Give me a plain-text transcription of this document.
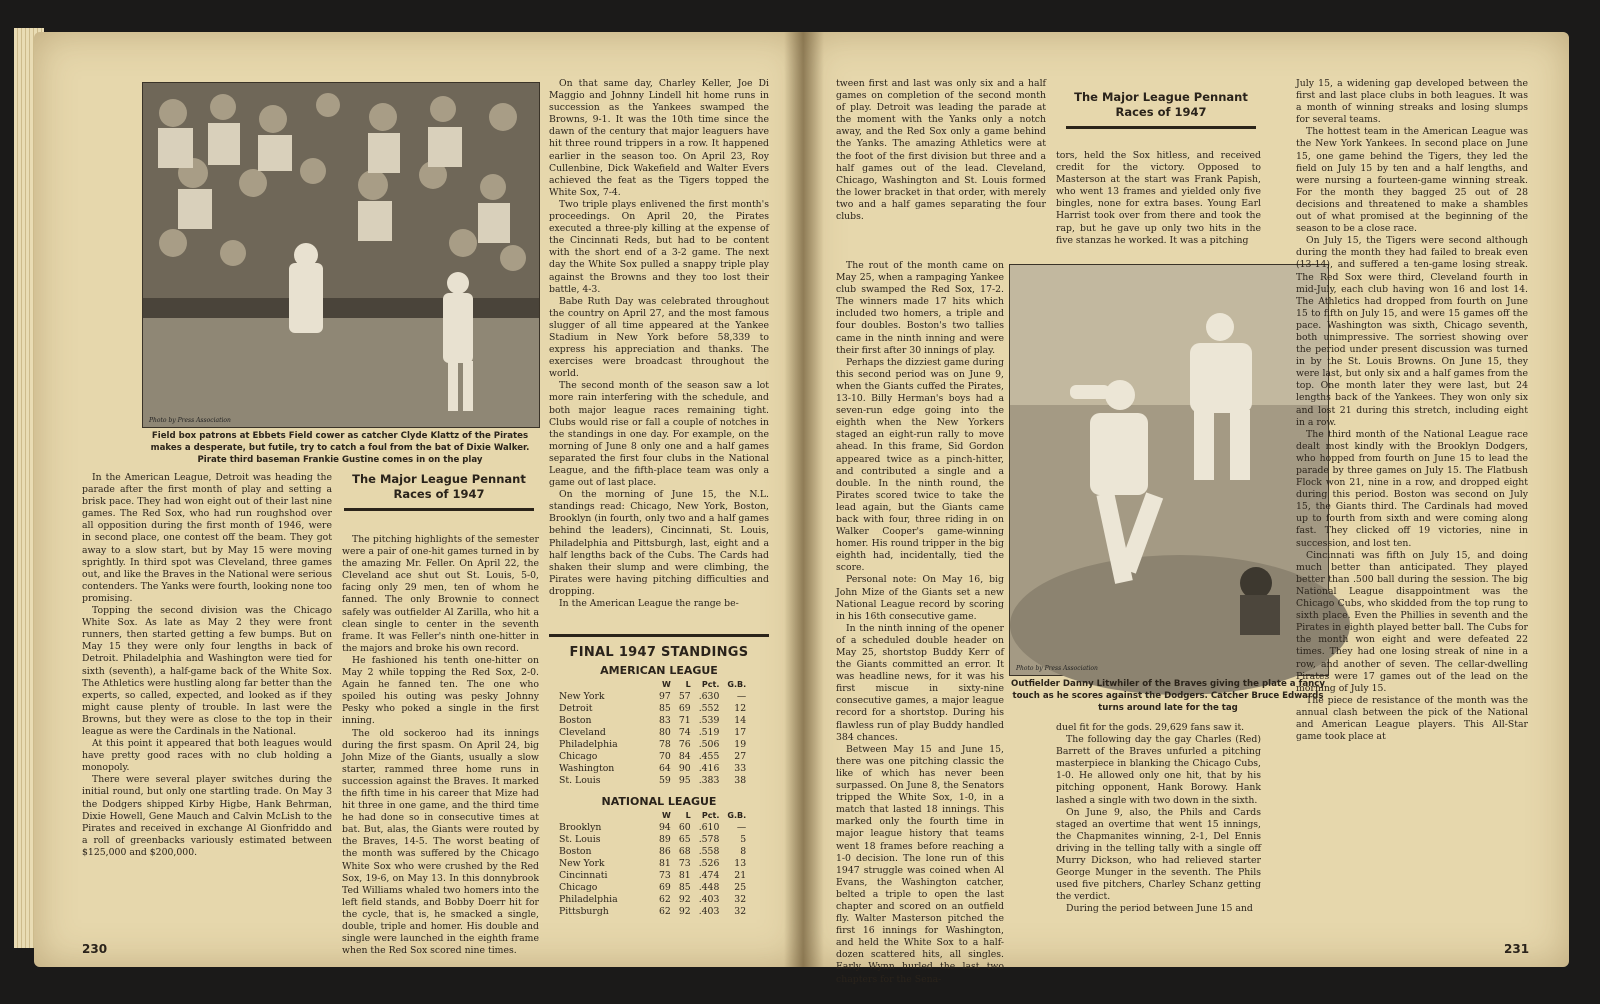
Photo by Press Association
Field box patrons at Ebbets Field cower as catcher Clyde Klattz of the Pirates makes a desperate, but futile, try to catch a foul from the bat of Dixie Walker. Pirate third baseman Frankie Gustine comes in on the play
The Major League Pennant Races of 1947

In the American League, Detroit was heading the parade after the first month of play and setting a brisk pace. They had won eight out of their last nine games. The Red Sox, who had run roughshod over all opposition during the first month of 1946, were in second place, one contest off the beam. They got away to a slow start, but by May 15 were moving sprightly. In third spot was Cleveland, three games out, and like the Braves in the National were serious contenders. The Yanks were fourth, looking none too promising.

Topping the second division was the Chicago White Sox. As late as May 2 they were front runners, then started getting a few bumps. But on May 15 they were only four lengths in back of Detroit. Philadelphia and Washington were tied for sixth (seventh), a half-game back of the White Sox. The Athletics were hustling along far better than the experts, so called, expected, and looked as if they might cause plenty of trouble. In last were the Browns, but they were as close to the top in their league as were the Cardinals in the National.

At this point it appeared that both leagues would have pretty good races with no club holding a monopoly.

There were several player switches during the initial round, but only one startling trade. On May 3 the Dodgers shipped Kirby Higbe, Hank Behrman, Dixie Howell, Gene Mauch and Calvin McLish to the Pirates and received in exchange Al Gionfriddo and a roll of greenbacks variously estimated between $125,000 and $200,000.

The pitching highlights of the semester were a pair of one-hit games turned in by the amazing Mr. Feller. On April 22, the Cleveland ace shut out St. Louis, 5-0, facing only 29 men, ten of whom he fanned. The only Brownie to connect safely was outfielder Al Zarilla, who hit a clean single to center in the seventh frame. It was Feller's ninth one-hitter in the majors and broke his own record.

He fashioned his tenth one-hitter on May 2 while topping the Red Sox, 2-0. Again he fanned ten. The one who spoiled his outing was pesky Johnny Pesky who poked a single in the first inning.

The old sockeroo had its innings during the first spasm. On April 24, big John Mize of the Giants, usually a slow starter, rammed three home runs in succession against the Braves. It marked the fifth time in his career that Mize had hit three in one game, and the third time he had done so in consecutive times at bat. But, alas, the Giants were routed by the Braves, 14-5. The worst beating of the month was suffered by the Chicago White Sox who were crushed by the Red Sox, 19-6, on May 13. In this donnybrook Ted Williams whaled two homers into the left field stands, and Bobby Doerr hit for the cycle, that is, he smacked a single, double, triple and homer. His double and single were launched in the eighth frame when the Red Sox scored nine times.

On that same day, Charley Keller, Joe Di Maggio and Johnny Lindell hit home runs in succession as the Yankees swamped the Browns, 9-1. It was the 10th time since the dawn of the century that major leaguers have hit three round trippers in a row. It happened earlier in the season too. On April 23, Roy Cullenbine, Dick Wakefield and Walter Evers achieved the feat as the Tigers topped the White Sox, 7-4.

Two triple plays enlivened the first month's proceedings. On April 20, the Pirates executed a three-ply killing at the expense of the Cincinnati Reds, but had to be content with the short end of a 3-2 game. The next day the White Sox pulled a snappy triple play against the Browns and they too lost their battle, 4-3.

Babe Ruth Day was celebrated throughout the country on April 27, and the most famous slugger of all time appeared at the Yankee Stadium in New York before 58,339 to express his appreciation and thanks. The exercises were broadcast throughout the world.

The second month of the season saw a lot more rain interfering with the schedule, and both major league races remaining tight. Clubs would rise or fall a couple of notches in the standings in one day. For example, on the morning of June 8 only one and a half games separated the first four clubs in the National League, and the fifth-place team was only a game out of last place.

On the morning of June 15, the N.L. standings read: Chicago, New York, Boston, Brooklyn (in fourth, only two and a half games behind the leaders), Cincinnati, St. Louis, Philadelphia and Pittsburgh, last, eight and a half lengths back of the Cubs. The Cards had shaken their slump and were climbing, the Pirates were having pitching difficulties and dropping.

In the American League the range be-

FINAL 1947 STANDINGS
AMERICAN LEAGUE
	W	L	Pct.	G.B.
New York	97	57	.630	—
Detroit	85	69	.552	12
Boston	83	71	.539	14
Cleveland	80	74	.519	17
Philadelphia	78	76	.506	19
Chicago	70	84	.455	27
Washington	64	90	.416	33
St. Louis	59	95	.383	38
NATIONAL LEAGUE
	W	L	Pct.	G.B.
Brooklyn	94	60	.610	—
St. Louis	89	65	.578	5
Boston	86	68	.558	8
New York	81	73	.526	13
Cincinnati	73	81	.474	21
Chicago	69	85	.448	25
Philadelphia	62	92	.403	32
Pittsburgh	62	92	.403	32
230

tween first and last was only six and a half games on completion of the second month of play. Detroit was leading the parade at the moment with the Yanks only a notch away, and the Red Sox only a game behind the Yanks. The amazing Athletics were at the foot of the first division but three and a half games out of the lead. Cleveland, Chicago, Washington and St. Louis formed the lower bracket in that order, with merely two and a half games separating the four clubs.

The Major League Pennant Races of 1947

tors, held the Sox hitless, and received credit for the victory. Opposed to Masterson at the start was Frank Papish, who went 13 frames and yielded only five bingles, none for extra bases. Young Earl Harrist took over from there and took the rap, but he gave up only two hits in the five stanzas he worked. It was a pitching

The rout of the month came on May 25, when a rampaging Yankee club swamped the Red Sox, 17-2. The winners made 17 hits which included two homers, a triple and four doubles. Boston's two tallies came in the ninth inning and were their first after 30 innings of play.

Perhaps the dizziest game during this second period was on June 9, when the Giants cuffed the Pirates, 13-10. Billy Herman's boys had a seven-run edge going into the eighth when the New Yorkers staged an eight-run rally to move ahead. In this frame, Sid Gordon appeared twice as a pinch-hitter, and contributed a single and a double. In the ninth round, the Pirates scored twice to take the lead again, but the Giants came back with four, three riding in on Walker Cooper's game-winning homer. His round tripper in the big eighth had, incidentally, tied the score.

Personal note: On May 16, big John Mize of the Giants set a new National League record by scoring in his 16th consecutive game.

In the ninth inning of the opener of a scheduled double header on May 25, shortstop Buddy Kerr of the Giants committed an error. It was headline news, for it was his first miscue in sixty-nine consecutive games, a major league record for a shortstop. During his flawless run of play Buddy handled 384 chances.

Between May 15 and June 15, there was one pitching classic the like of which has never been surpassed. On June 8, the Senators tripped the White Sox, 1-0, in a match that lasted 18 innings. This marked only the fourth time in major league history that teams went 18 frames before reaching a 1-0 decision. The lone run of this 1947 struggle was coined when Al Evans, the Washington catcher, belted a triple to open the last chapter and scored on an outfield fly. Walter Masterson pitched the first 16 innings for Washington, and held the White Sox to a half-dozen scattered hits, all singles. Early Wynn hurled the last two chapters for the Sena-

Photo by Press Association
Outfielder Danny Litwhiler of the Braves giving the plate a fancy touch as he scores against the Dodgers. Catcher Bruce Edwards turns around late for the tag

duel fit for the gods. 29,629 fans saw it.

The following day the gay Charles (Red) Barrett of the Braves unfurled a pitching masterpiece in blanking the Chicago Cubs, 1-0. He allowed only one hit, that by his pitching opponent, Hank Borowy. Hank lashed a single with two down in the sixth.

On June 9, also, the Phils and Cards staged an overtime that went 15 innings, the Chapmanites winning, 2-1, Del Ennis driving in the telling tally with a single off Murry Dickson, who had relieved starter George Munger in the seventh. The Phils used five pitchers, Charley Schanz getting the verdict.

During the period between June 15 and

July 15, a widening gap developed between the first and last place clubs in both leagues. It was a month of winning streaks and losing slumps for several teams.

The hottest team in the American League was the New York Yankees. In second place on June 15, one game behind the Tigers, they led the field on July 15 by ten and a half lengths, and were nursing a fourteen-game winning streak. For the month they bagged 25 out of 28 decisions and threatened to make a shambles out of what promised at the beginning of the season to be a close race.

On July 15, the Tigers were second although during the month they had failed to break even (13-14), and suffered a ten-game losing streak. The Red Sox were third, Cleveland fourth in mid-July, each club having won 16 and lost 14. The Athletics had dropped from fourth on June 15 to fifth on July 15, and were 15 games off the pace. Washington was sixth, Chicago seventh, both unimpressive. The sorriest showing over the period under present discussion was turned in by the St. Louis Browns. On June 15, they were last, but only six and a half games from the top. One month later they were last, but 24 lengths back of the Yankees. They won only six and lost 21 during this stretch, including eight in a row.

The third month of the National League race dealt most kindly with the Brooklyn Dodgers, who hopped from fourth on June 15 to lead the parade by three games on July 15. The Flatbush Flock won 21, nine in a row, and dropped eight during this period. Boston was second on July 15, the Giants third. The Cardinals had moved up to fourth from sixth and were coming along fast. They clicked off 19 victories, nine in succession, and lost ten.

Cincinnati was fifth on July 15, and doing much better than anticipated. They played better than .500 ball during the session. The big National League disappointment was the Chicago Cubs, who skidded from the top rung to sixth place. Even the Phillies in seventh and the Pirates in eighth played better ball. The Cubs for the month won eight and were defeated 22 times. They had one losing streak of nine in a row, and another of seven. The cellar-dwelling Pirates were 17 games out of the lead on the morning of July 15.

The piece de resistance of the month was the annual clash between the pick of the National and American League players. This All-Star game took place at

231
